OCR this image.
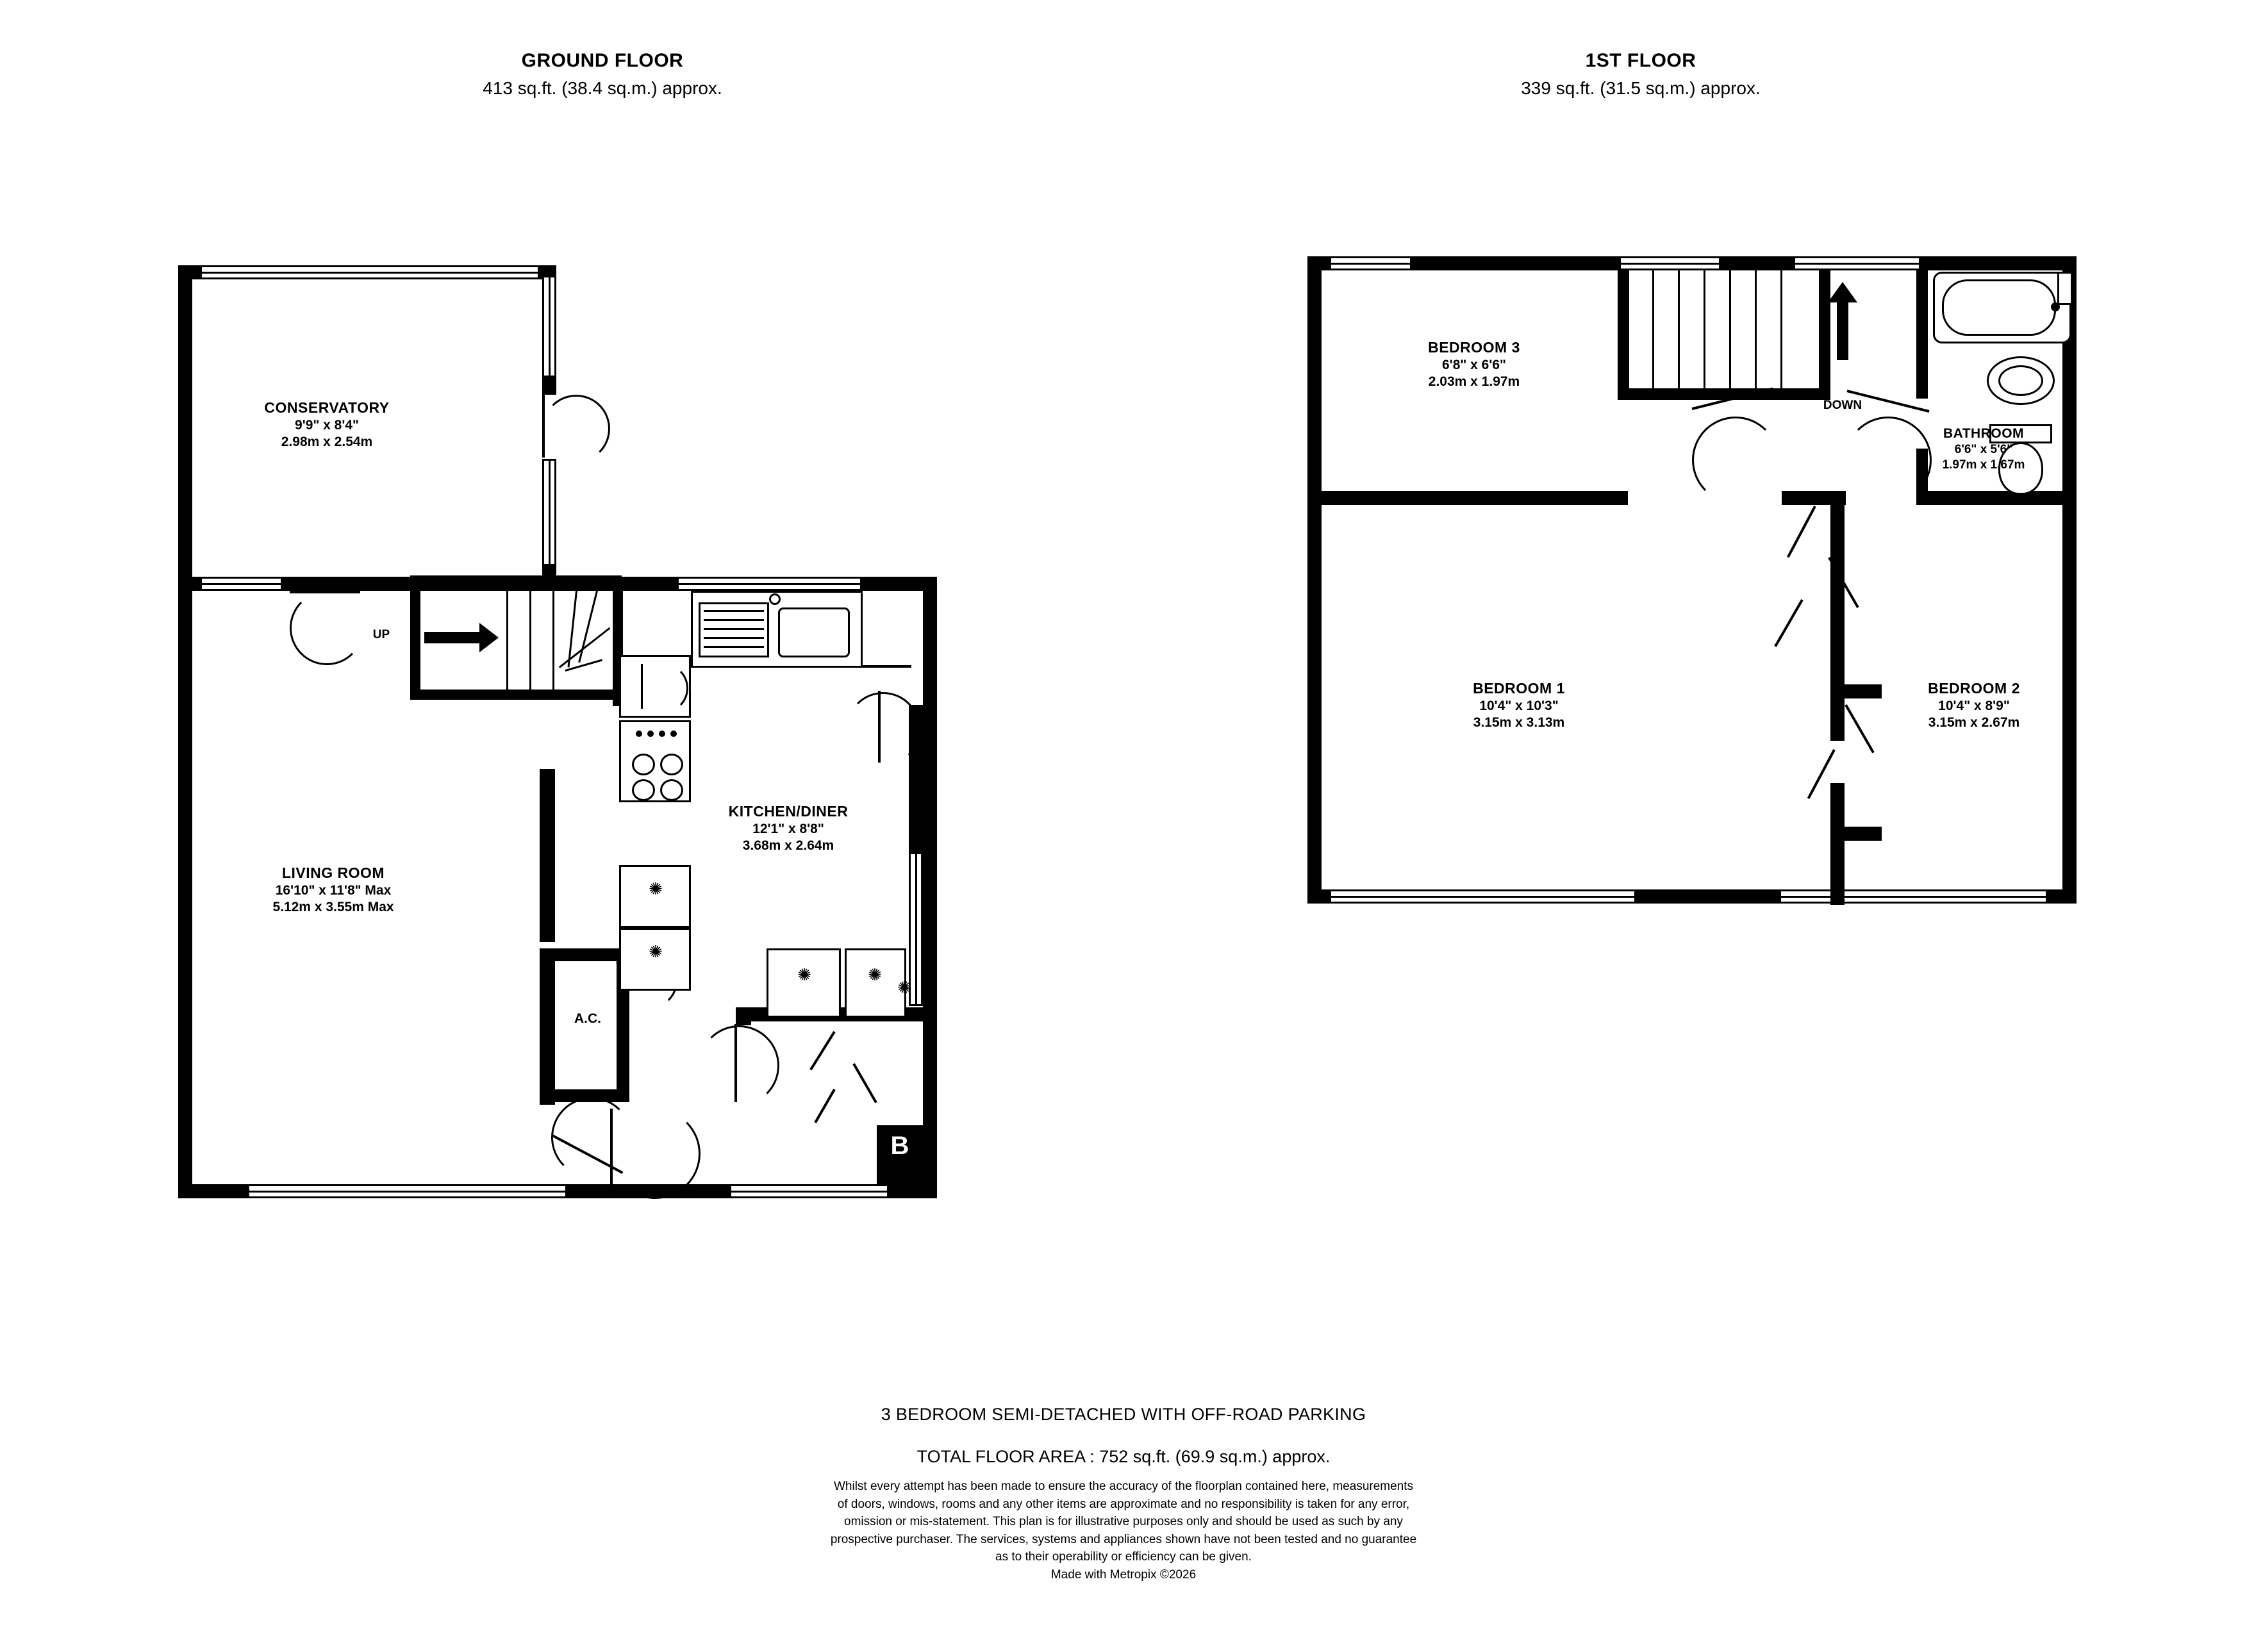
GROUND FLOOR
413 sq.ft. (38.4 sq.m.) approx.
CONSERVATORY
9'9" x 8'4"
2.98m x 2.54m
UP
A.C.
✺
✺
✺	✺
✺
B
LIVING ROOM
16'10" x 11'8" Max
5.12m x 3.55m Max
KITCHEN/DINER
12'1" x 8'8"
3.68m x 2.64m
1ST FLOOR
339 sq.ft. (31.5 sq.m.) approx.
DOWN
BATHROOM
6'6" x 5'6"
1.97m x 1.67m
BEDROOM 3
6'8" x 6'6"
2.03m x 1.97m
BEDROOM 1
10'4" x 10'3"
3.15m x 3.13m
BEDROOM 2
10'4" x 8'9"
3.15m x 2.67m
3 BEDROOM SEMI-DETACHED WITH OFF-ROAD PARKING
TOTAL FLOOR AREA : 752 sq.ft. (69.9 sq.m.) approx.
Whilst every attempt has been made to ensure the accuracy of the floorplan contained here, measurements
of doors, windows, rooms and any other items are approximate and no responsibility is taken for any error,
omission or mis-statement. This plan is for illustrative purposes only and should be used as such by any
prospective purchaser. The services, systems and appliances shown have not been tested and no guarantee
as to their operability or efficiency can be given.
Made with Metropix ©2026
